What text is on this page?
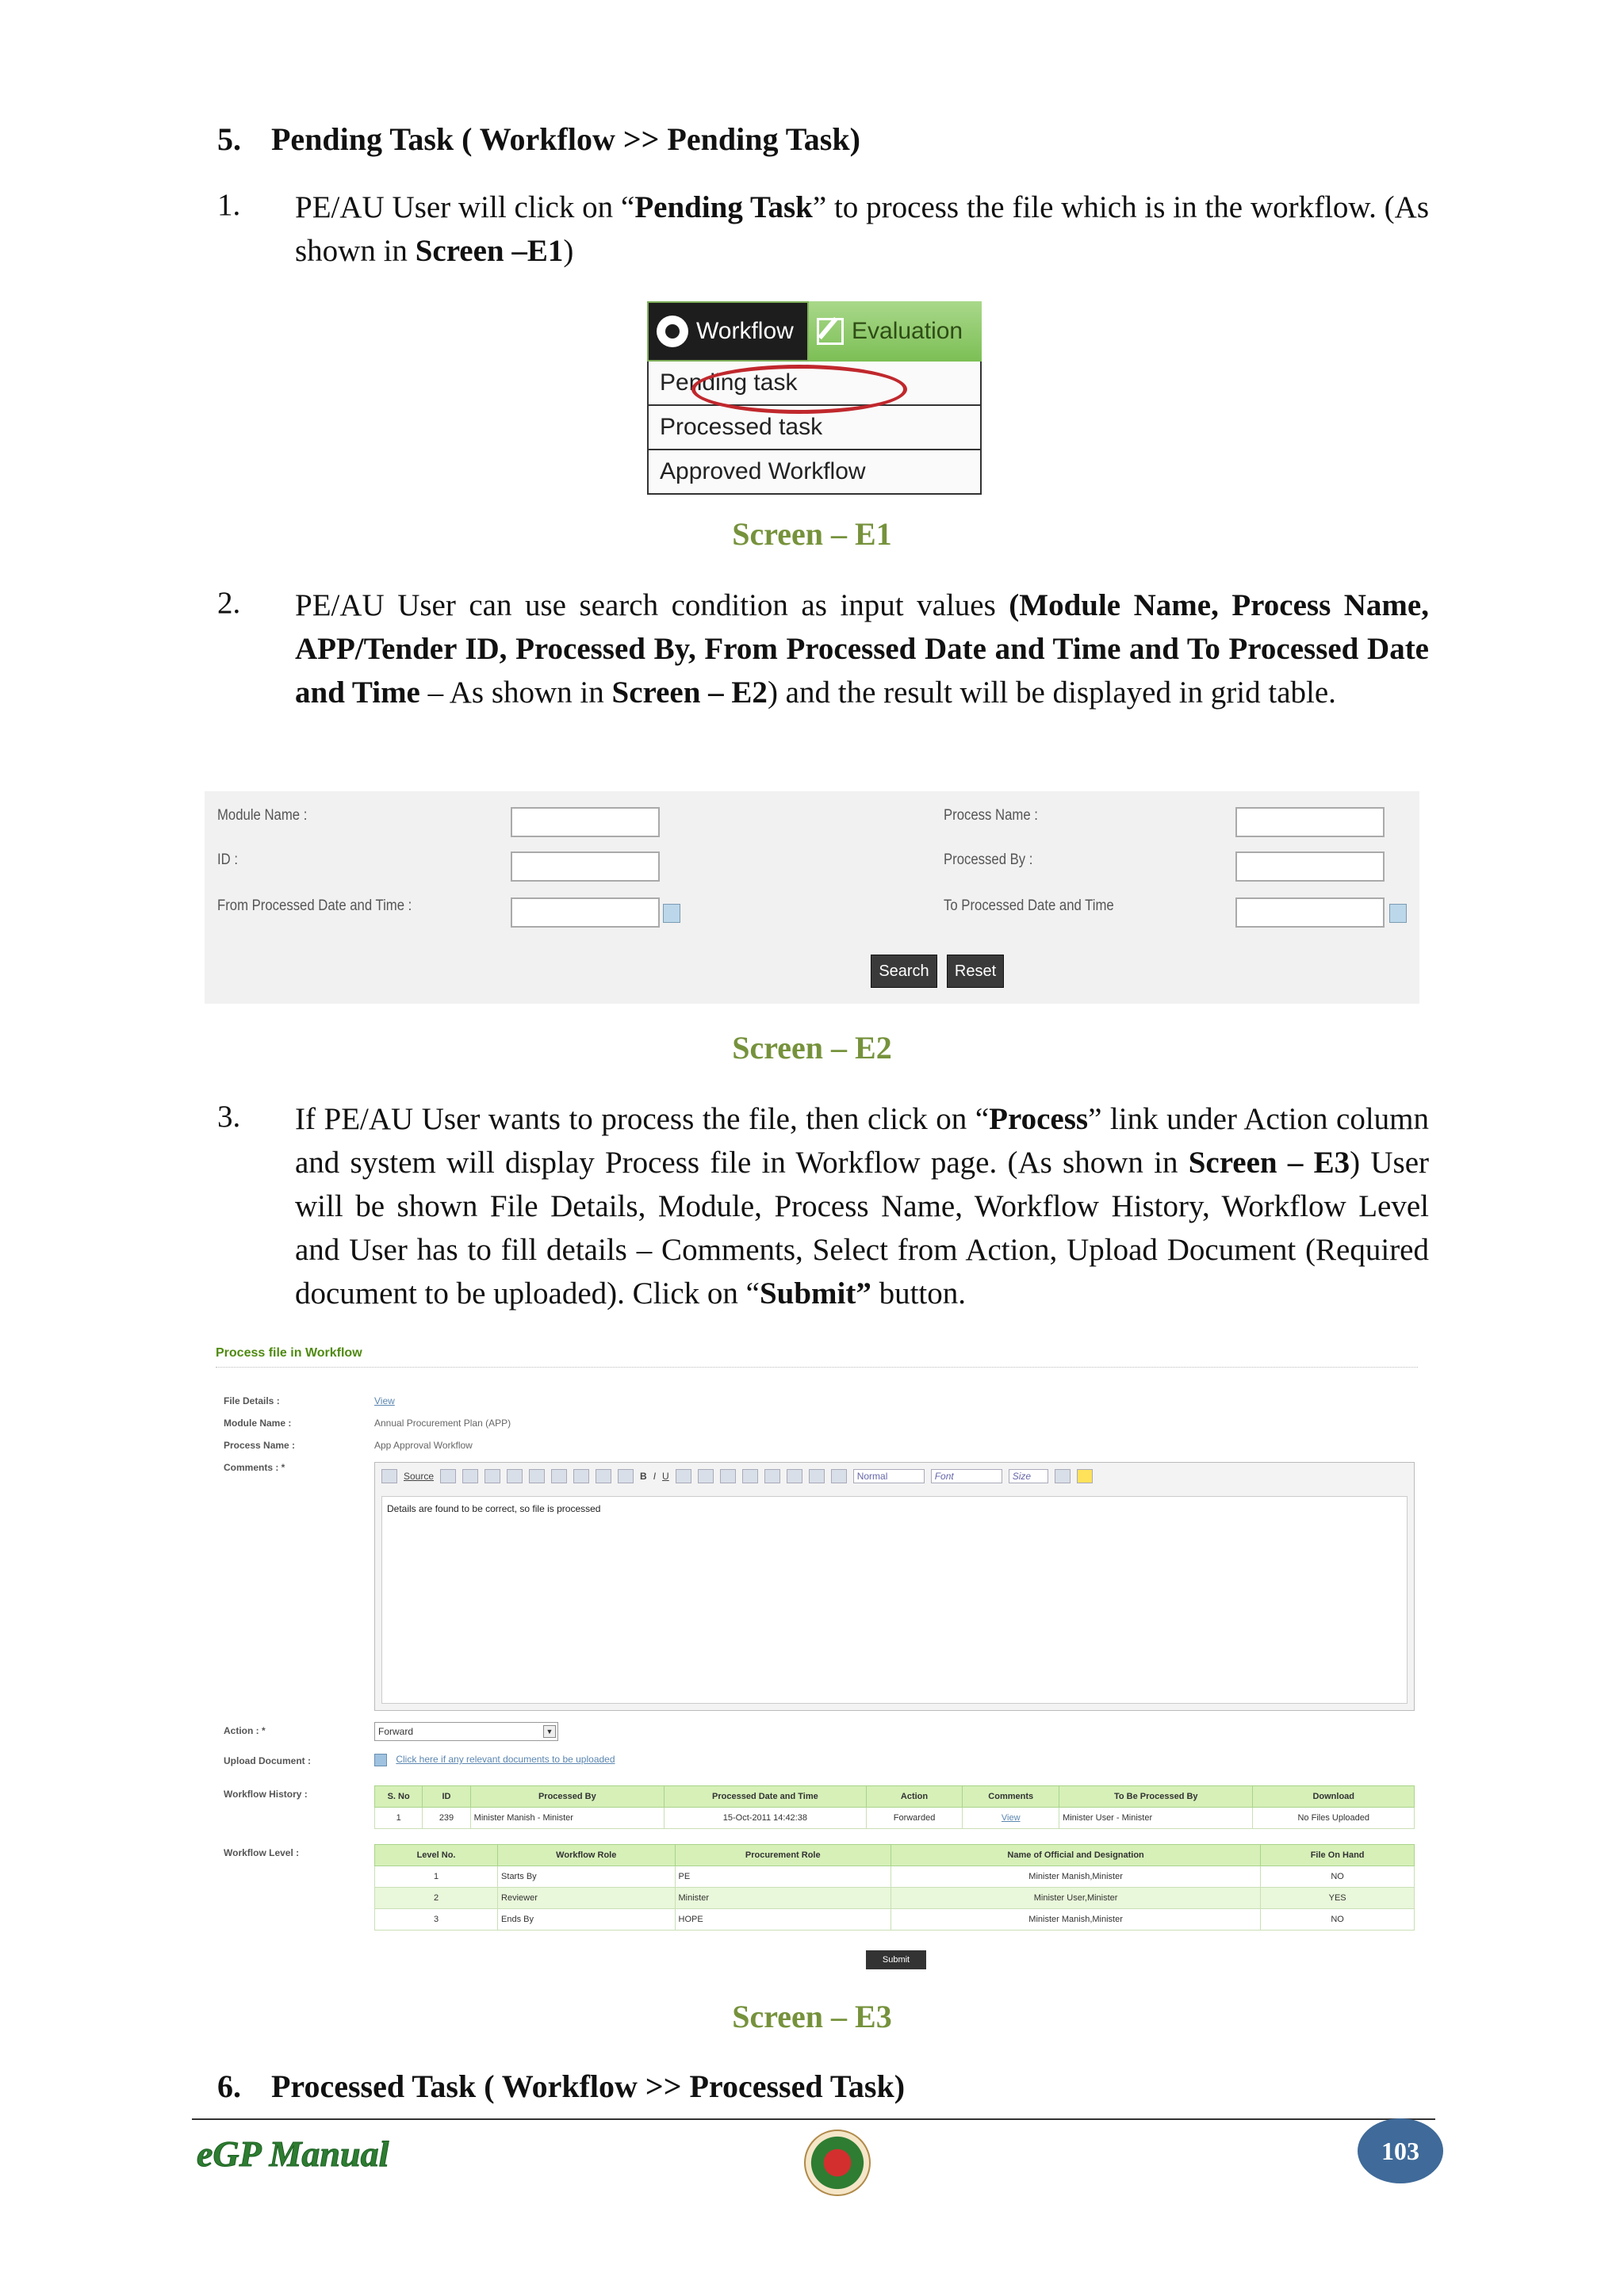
5. Pending Task ( Workflow >> Pending Task)
1. PE/AU User will click on “Pending Task” to process the file which is in the workflow. (As shown in Screen –E1)
Workflow Evaluation
Pending task
Processed task
Approved Workflow
Screen – E1
2. PE/AU User can use search condition as input values (Module Name, Process Name, APP/Tender ID, Processed By, From Processed Date and Time and To Processed Date and Time – As shown in Screen – E2) and the result will be displayed in grid table.
Module Name :
ID :
From Processed Date and Time :
Process Name :
Processed By :
To Processed Date and Time
Search	Reset
Screen – E2
3. If PE/AU User wants to process the file, then click on “Process” link under Action column and system will display Process file in Workflow page. (As shown in Screen – E3) User will be shown File Details, Module, Process Name, Workflow History, Workflow Level and User has to fill details – Comments, Select from Action, Upload Document (Required document to be uploaded). Click on “Submit” button.
Process file in Workflow
File Details :	View
Module Name :	Annual Procurement Plan (APP)
Process Name :	App Approval Workflow
Comments : *
Source	B I U	Normal	Font	Size
Details are found to be correct, so file is processed
Action : *	Forward	▼
Upload Document :	Click here if any relevant documents to be uploaded
Workflow History :	S. No	ID	Processed By	Processed Date and Time	Action	Comments	To Be Processed By	Download
1	239	Minister Manish - Minister	15-Oct-2011 14:42:38	Forwarded	View	Minister User - Minister	No Files Uploaded
Workflow Level :	Level No.	Workflow Role	Procurement Role	Name of Official and Designation	File On Hand
1	Starts By	PE	Minister Manish,Minister	NO
2	Reviewer	Minister	Minister User,Minister	YES
3	Ends By	HOPE	Minister Manish,Minister	NO
Submit
Screen – E3
6. Processed Task ( Workflow >> Processed Task)
eGP Manual	103
